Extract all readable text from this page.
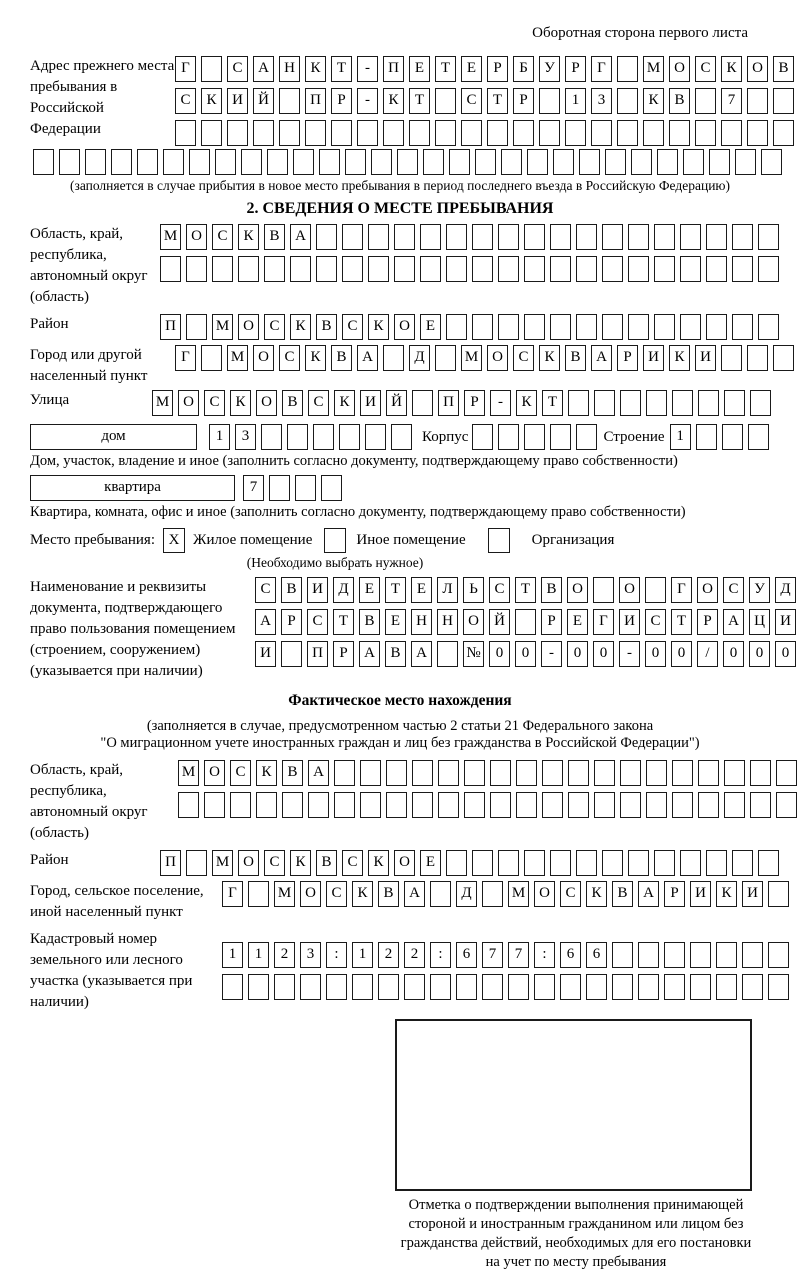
Оборотная сторона первого листа
Адрес прежнего места пребывания в Российской Федерации
Г	С	А	Н	К	Т	-	П	Е	Т	Е	Р	Б	У	Р	Г	М О	С	К	О	В
С	К	И	Й	П	Р	-	К	Т	С	Т	Р	1	3	К	В	7
(заполняется в случае прибытия в новое место пребывания в период последнего въезда в Российскую Федерацию)
2. СВЕДЕНИЯ О МЕСТЕ ПРЕБЫВАНИЯ
Область, край, республика, автономный округ (область)
М О	С	К	В	А
Район	П	М О	С	К	В	С	К	О	Е
Город или другой населенный пункт
Г	М О	С	К	В	А	Д	М О	С	К	В	А	Р	И	К	И
Улица	М О	С	К	О	В	С	К	И	Й	П	Р	-	К	Т
дом	1	3	Корпус	Строение 1
Дом, участок, владение и иное (заполнить согласно документу, подтверждающему право собственности)
квартира	7
Квартира, комната, офис и иное (заполнить согласно документу, подтверждающему право собственности)
Место пребывания: X Жилое помещение	Иное помещение	Организация
(Необходимо выбрать нужное)
Наименование и реквизиты документа, подтверждающего право пользования помещением (строением, сооружением) (указывается при наличии)
С	В	И	Д	Е	Т	Е	Л	Ь	С	Т	В	О	О	Г	О	С	У	Д
А	Р	С	Т	В	Е	Н	Н	О	Й	Р	Е	Г	И	С	Т	Р	А	Ц	И
И	П	Р	А	В	А	№	0	0	-	0	0	-	0	0	/	0	0	0
Фактическое место нахождения
(заполняется в случае, предусмотренном частью 2 статьи 21 Федерального закона
"О миграционном учете иностранных граждан и лиц без гражданства в Российской Федерации")
Область, край, республика, автономный округ (область)
М О	С	К	В	А
Район	П	М О	С	К	В	С	К	О	Е
Город, сельское поселение, иной населенный пункт
Г	М О	С	К	В	А	Д	М О	С	К	В	А	Р	И	К	И
Кадастровый номер земельного или лесного участка (указывается при наличии)
1	1	2	3	:	1	2	2	:	6	7	7	:	6	6
Отметка о подтверждении выполнения принимающей стороной и иностранным гражданином или лицом без гражданства действий, необходимых для его постановки на учет по месту пребывания
